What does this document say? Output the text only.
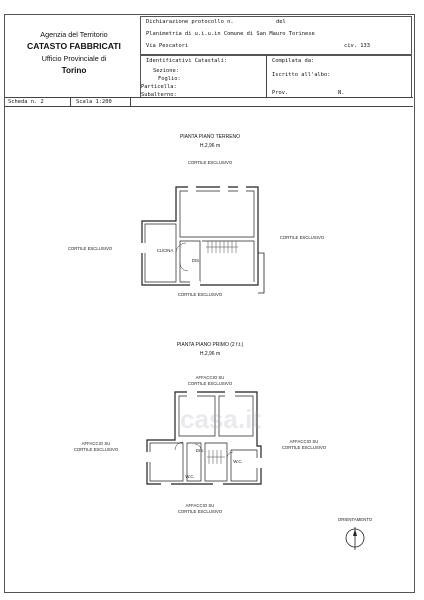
Agenzia del Territorio
CATASTO FABBRICATI
Ufficio Provinciale di
Torino
Dichiarazione protocollo n.	del
Planimetria di u.i.u.in Comune di San Mauro Torinese
Via Pescatori	civ. 133
Identificativi Catastali:
Sezione:
Foglio:
Particella:
Subalterno:
Compilata da:
Iscritto all'albo:
Prov.	N.
Scheda n. 2	Scala 1:200
PIANTA PIANO TERRENO
H.2,96 m
CORTILE ESCLUSIVO
CORTILE ESCLUSIVO
CORTILE ESCLUSIVO
CORTILE ESCLUSIVO
CUCINA
DIS.
PIANTA PIANO PRIMO (2 f.t.)
H.2,96 m
AFFACCIO SU
CORTILE ESCLUSIVO
AFFACCIO SU
CORTILE ESCLUSIVO
AFFACCIO SU
CORTILE ESCLUSIVO
AFFACCIO SU
CORTILE ESCLUSIVO
DIS.
W.C.
W.C.
casa.it
ORIENTAMENTO
